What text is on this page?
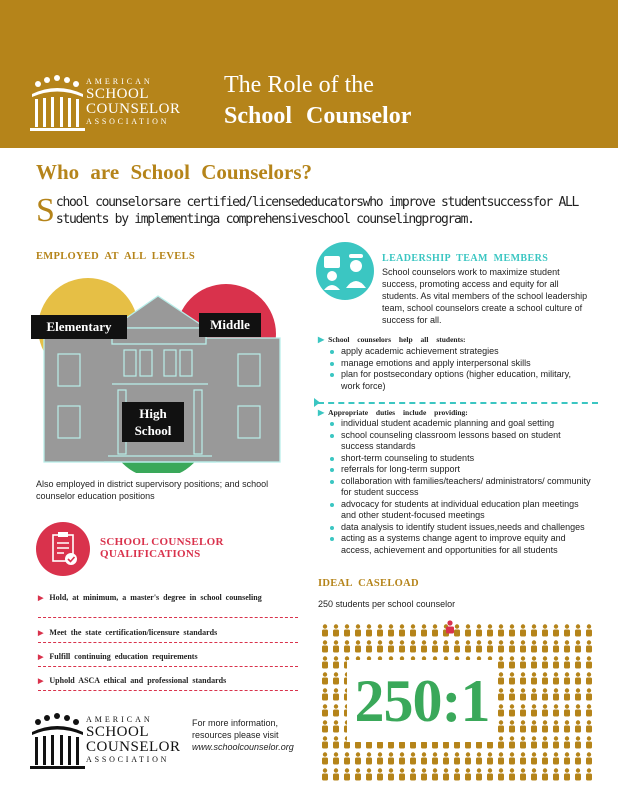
AMERICAN
SCHOOL
COUNSELOR
ASSOCIATION
The Role of the
School Counselor
Who are School Counselors?
S chool counselorsare certified/licensededucatorswho improve studentsuccessfor ALL students by implementinga comprehensiveschool counselingprogram.
EMPLOYED AT ALL LEVELS
Elementary	Middle
High
School
Also employed in district supervisory positions; and school counselor education positions
SCHOOL COUNSELOR
QUALIFICATIONS
▶ Hold, at minimum, a master's degree in school counseling
▶ Meet the state certification/licensure standards
▶ Fulfill continuing education requirements
▶ Uphold ASCA ethical and professional standards
AMERICAN
SCHOOL
COUNSELOR
ASSOCIATION
For more information,
resources please visit
www.schoolcounselor.org
LEADERSHIP TEAM MEMBERS
School counselors work to maximize student success, promoting access and equity for all students. As vital members of the school leadership team, school counselors create a school culture of success for all.
▶ School counselors help all students:
apply academic achievement strategies
manage emotions and apply interpersonal skills
plan for postsecondary options (higher education, military, work force)
▶ Appropriate duties include providing:
individual student academic planning and goal setting
school counseling classroom lessons based on student success standards
short-term counseling to students
referrals for long-term support
collaboration with families/teachers/ administrators/ community for student success
advocacy for students at individual education plan meetings and other student-focused meetings
data analysis to identify student issues,needs and challenges
acting as a systems change agent to improve equity and access, achievement and opportunities for all students
IDEAL CASELOAD
250 students per school counselor
250:1
